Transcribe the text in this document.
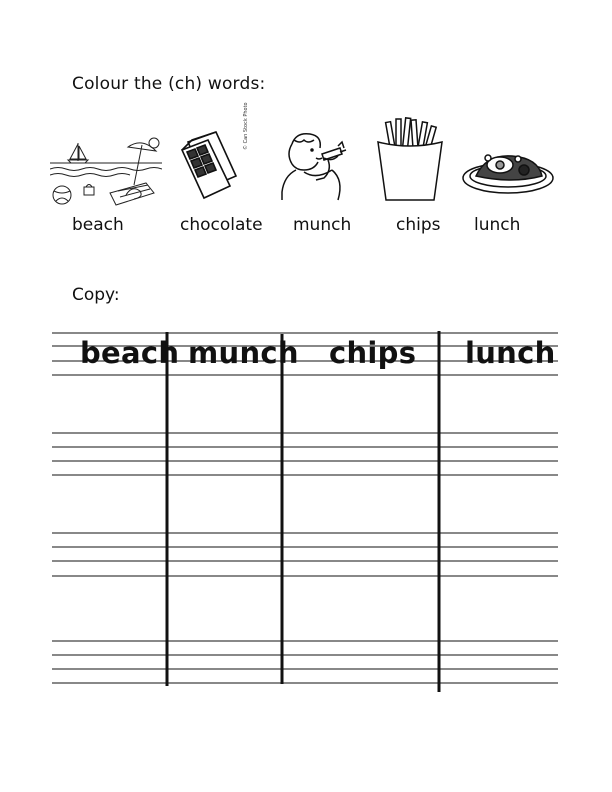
Colour the (ch) words:
© Can Stock Photo
beach	chocolate munch	chips lunch
Copy:
beach munch chips lunch
